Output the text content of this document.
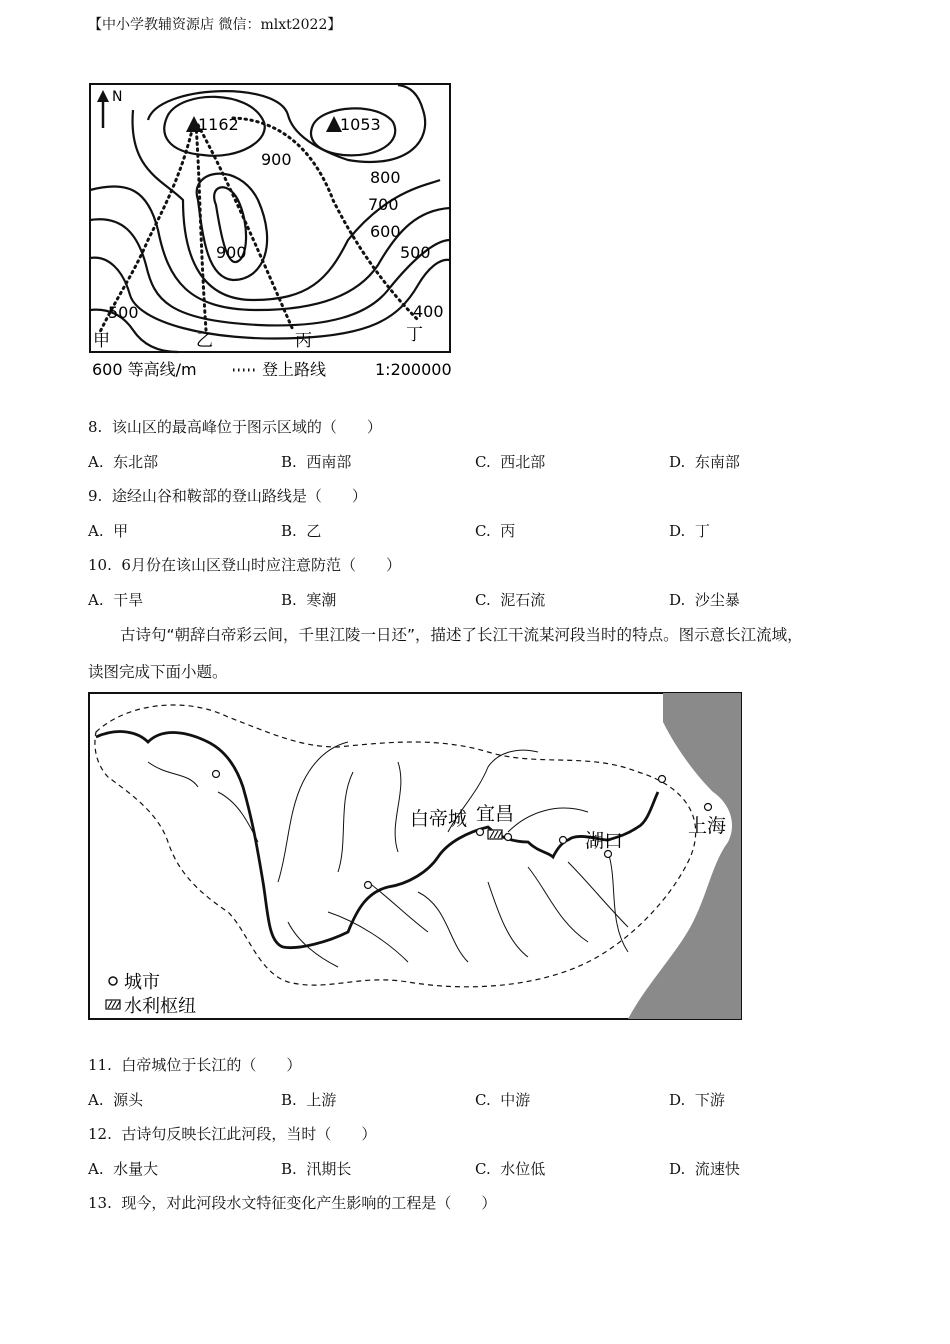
【中小学教辅资源店 微信：mlxt2022】
N
1162	1053
900
800
700
600
500
900
500	400
甲	乙	丙	丁
600 等高线/m	登上路线	1:200000
8. 该山区的最高峰位于图示区域的（　　）
A. 东北部	B. 西南部	C. 西北部	D. 东南部
9. 途经山谷和鞍部的登山路线是（　　）
A. 甲	B. 乙	C. 丙	D. 丁
10. 6月份在该山区登山时应注意防范（　　）
A. 干旱	B. 寒潮	C. 泥石流	D. 沙尘暴
古诗句“朝辞白帝彩云间，千里江陵一日还”，描述了长江干流某河段当时的特点。图示意长江流域，
读图完成下面小题。
白帝城 宜昌
湖口
上海
城市
水利枢纽
11. 白帝城位于长江的（　　）
A. 源头	B. 上游	C. 中游	D. 下游
12. 古诗句反映长江此河段，当时（　　）
A. 水量大	B. 汛期长	C. 水位低	D. 流速快
13. 现今，对此河段水文特征变化产生影响的工程是（　　）
